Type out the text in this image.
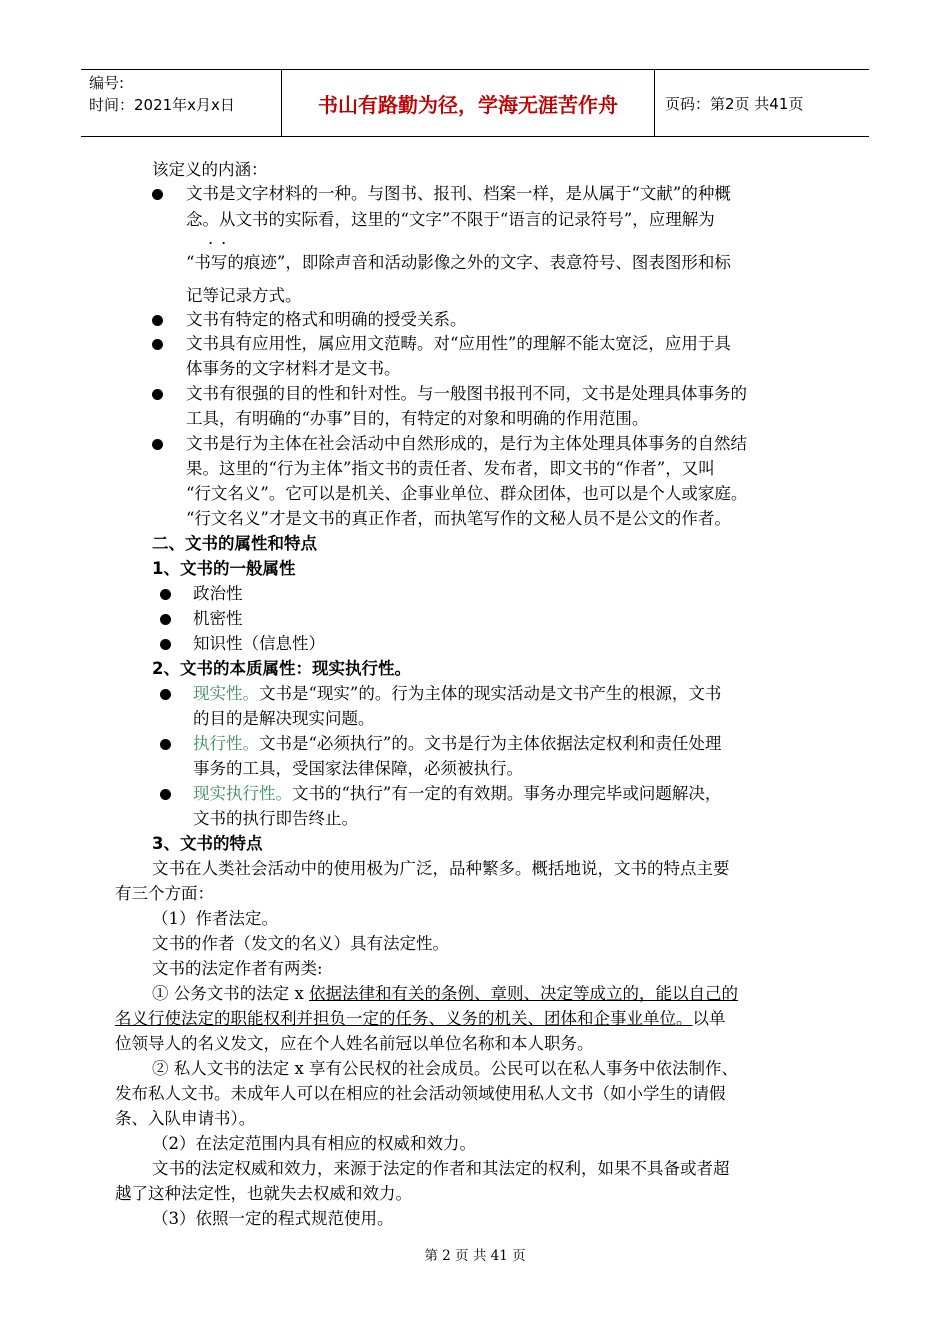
编号:
时间：2021年x月x日	书山有路勤为径，学海无涯苦作舟	页码：第2页 共41页
该定义的内涵：
文书是文字材料的一种。与图书、报刊、档案一样，是从属于“文献”的种概
念。从文书的实际看，这里的“文字”不限于“语言的记录符号”，应理解为
..
“书写的痕迹”，即除声音和活动影像之外的文字、表意符号、图表图形和标
记等记录方式。
文书有特定的格式和明确的授受关系。
文书具有应用性，属应用文范畴。对“应用性”的理解不能太宽泛，应用于具
体事务的文字材料才是文书。
文书有很强的目的性和针对性。与一般图书报刊不同，文书是处理具体事务的
工具，有明确的“办事”目的，有特定的对象和明确的作用范围。
文书是行为主体在社会活动中自然形成的，是行为主体处理具体事务的自然结
果。这里的“行为主体”指文书的责任者、发布者，即文书的“作者”，又叫
“行文名义”。它可以是机关、企事业单位、群众团体，也可以是个人或家庭。
“行文名义”才是文书的真正作者，而执笔写作的文秘人员不是公文的作者。
二、文书的属性和特点
1、文书的一般属性
政治性
机密性
知识性（信息性）
2、文书的本质属性：现实执行性。
现实性。文书是“现实”的。行为主体的现实活动是文书产生的根源，文书
的目的是解决现实问题。
执行性。文书是“必须执行”的。文书是行为主体依据法定权利和责任处理
事务的工具，受国家法律保障，必须被执行。
现实执行性。文书的“执行”有一定的有效期。事务办理完毕或问题解决，
文书的执行即告终止。
3、文书的特点
文书在人类社会活动中的使用极为广泛，品种繁多。概括地说，文书的特点主要
有三个方面：
（1）作者法定。
文书的作者（发文的名义）具有法定性。
文书的法定作者有两类:
① 公务文书的法定 x 依据法律和有关的条例、章则、决定等成立的，能以自己的
名义行使法定的职能权利并担负一定的任务、义务的机关、团体和企事业单位。以单
位领导人的名义发文，应在个人姓名前冠以单位名称和本人职务。
② 私人文书的法定 x 享有公民权的社会成员。公民可以在私人事务中依法制作、
发布私人文书。未成年人可以在相应的社会活动领域使用私人文书（如小学生的请假
条、入队申请书）。
（2）在法定范围内具有相应的权威和效力。
文书的法定权威和效力，来源于法定的作者和其法定的权利，如果不具备或者超
越了这种法定性，也就失去权威和效力。
（3）依照一定的程式规范使用。
第 2 页 共 41 页
